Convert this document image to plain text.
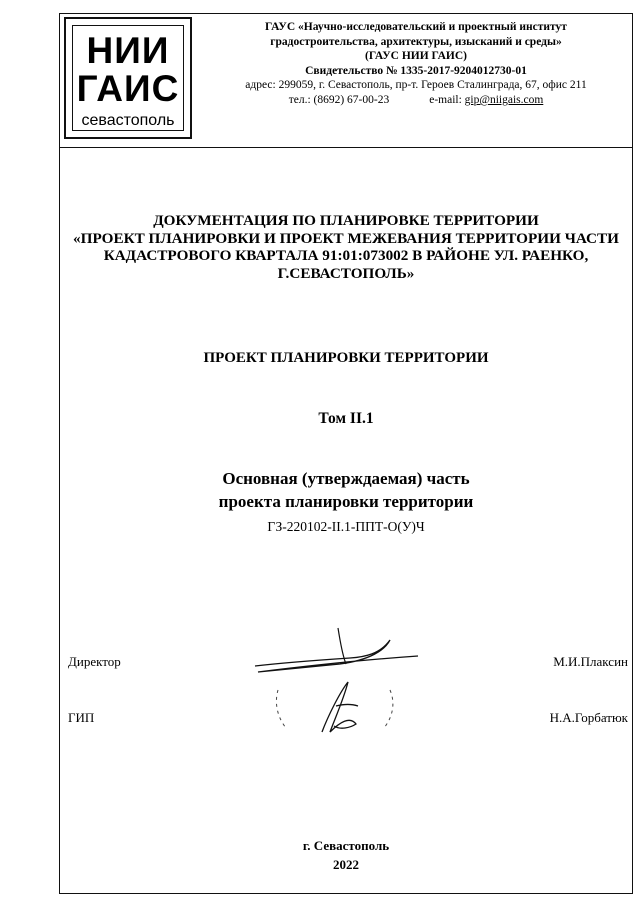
НИИ
ГАИС
севастополь
ГАУС «Научно-исследовательский и проектный институт
градостроительства, архитектуры, изысканий и среды»
(ГАУС НИИ ГАИС)
Свидетельство № 1335-2017-9204012730-01
адрес: 299059, г. Севастополь, пр-т. Героев Сталинграда, 67, офис 211
тел.: (8692) 67-00-23	e-mail: gip@niigais.com
ДОКУМЕНТАЦИЯ ПО ПЛАНИРОВКЕ ТЕРРИТОРИИ
«ПРОЕКТ ПЛАНИРОВКИ И ПРОЕКТ МЕЖЕВАНИЯ ТЕРРИТОРИИ ЧАСТИ
КАДАСТРОВОГО КВАРТАЛА 91:01:073002 В РАЙОНЕ УЛ. РАЕНКО,
Г.СЕВАСТОПОЛЬ»
ПРОЕКТ ПЛАНИРОВКИ ТЕРРИТОРИИ
Том II.1
Основная (утверждаемая) часть
проекта планировки территории
ГЗ-220102-II.1-ППТ-О(У)Ч
Директор	М.И.Плаксин
ГИП	Н.А.Горбатюк
г. Севастополь
2022
